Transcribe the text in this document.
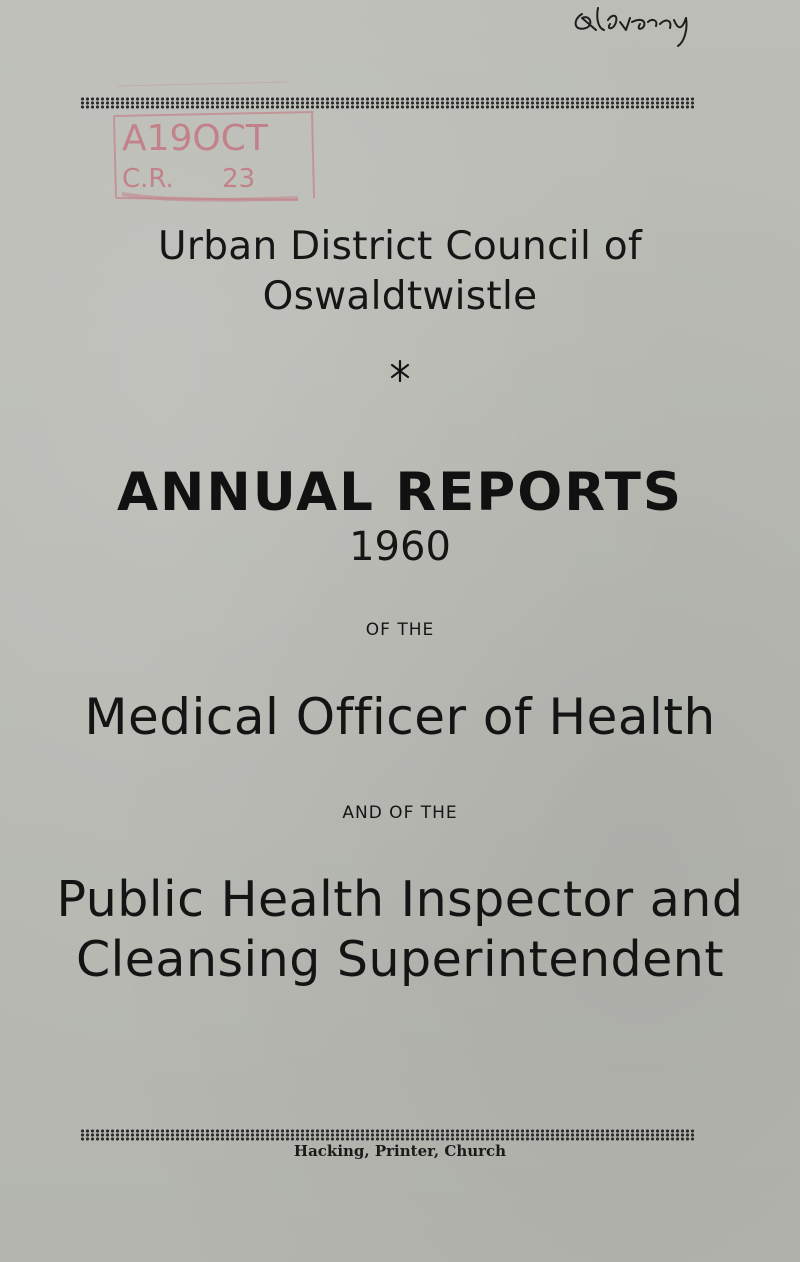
A19OCT
C.R. 23
Urban District Council of
Oswaldtwistle
ANNUAL REPORTS
1960
OF THE
Medical Officer of Health
AND OF THE
Public Health Inspector and
Cleansing Superintendent
Hacking, Printer, Church
